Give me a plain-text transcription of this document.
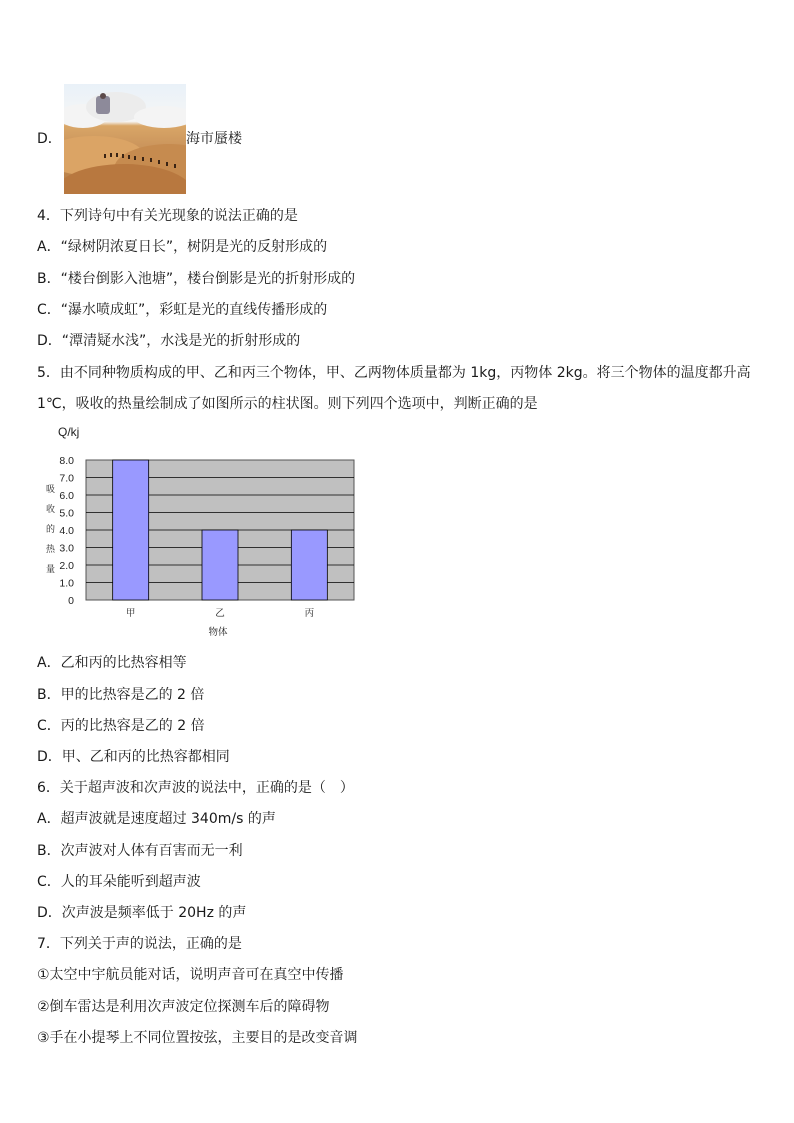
D．	海市蜃楼
4．下列诗句中有关光现象的说法正确的是
A．“绿树阴浓夏日长”，树阴是光的反射形成的
B．“楼台倒影入池塘”，楼台倒影是光的折射形成的
C．“瀑水喷成虹”，彩虹是光的直线传播形成的
D．“潭清疑水浅”，水浅是光的折射形成的
5．由不同种物质构成的甲、乙和丙三个物体，甲、乙两物体质量都为 1kg，丙物体 2kg。将三个物体的温度都升高
1℃，吸收的热量绘制成了如图所示的柱状图。则下列四个选项中，判断正确的是
Q/kj
8.0
7.0
6.0
5.0
4.0
3.0
2.0
1.0
0
吸
收
的
热
量
甲	乙	丙
物体
A．乙和丙的比热容相等
B．甲的比热容是乙的 2 倍
C．丙的比热容是乙的 2 倍
D．甲、乙和丙的比热容都相同
6．关于超声波和次声波的说法中，正确的是（　）
A．超声波就是速度超过 340m/s 的声
B．次声波对人体有百害而无一利
C．人的耳朵能听到超声波
D．次声波是频率低于 20Hz 的声
7．下列关于声的说法，正确的是
①太空中宇航员能对话，说明声音可在真空中传播
②倒车雷达是利用次声波定位探测车后的障碍物
③手在小提琴上不同位置按弦，主要目的是改变音调
